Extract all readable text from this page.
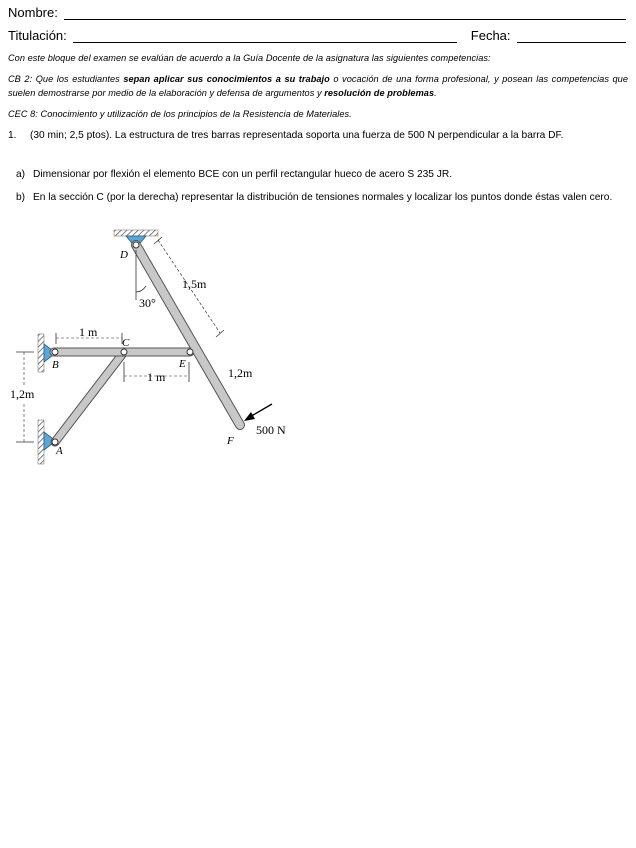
Nombre:
Titulación:	Fecha:
Con este bloque del examen se evalúan de acuerdo a la Guía Docente de la asignatura las siguientes competencias:
CB 2: Que los estudiantes sepan aplicar sus conocimientos a su trabajo o vocación de una forma profesional, y posean las competencias que suelen demostrarse por medio de la elaboración y defensa de argumentos y resolución de problemas.
CEC 8: Conocimiento y utilización de los principios de la Resistencia de Materiales.
1.	(30 min; 2,5 ptos). La estructura de tres barras representada soporta una fuerza de 500 N perpendicular a la barra DF.
a) Dimensionar por flexión el elemento BCE con un perfil rectangular hueco de acero S 235 JR.
b) En la sección C (por la derecha) representar la distribución de tensiones normales y localizar los puntos donde éstas valen cero.
30°
1,5m
1,2m
1 m
1 m
1,2m
500 N
D
B
C
E
A
F
